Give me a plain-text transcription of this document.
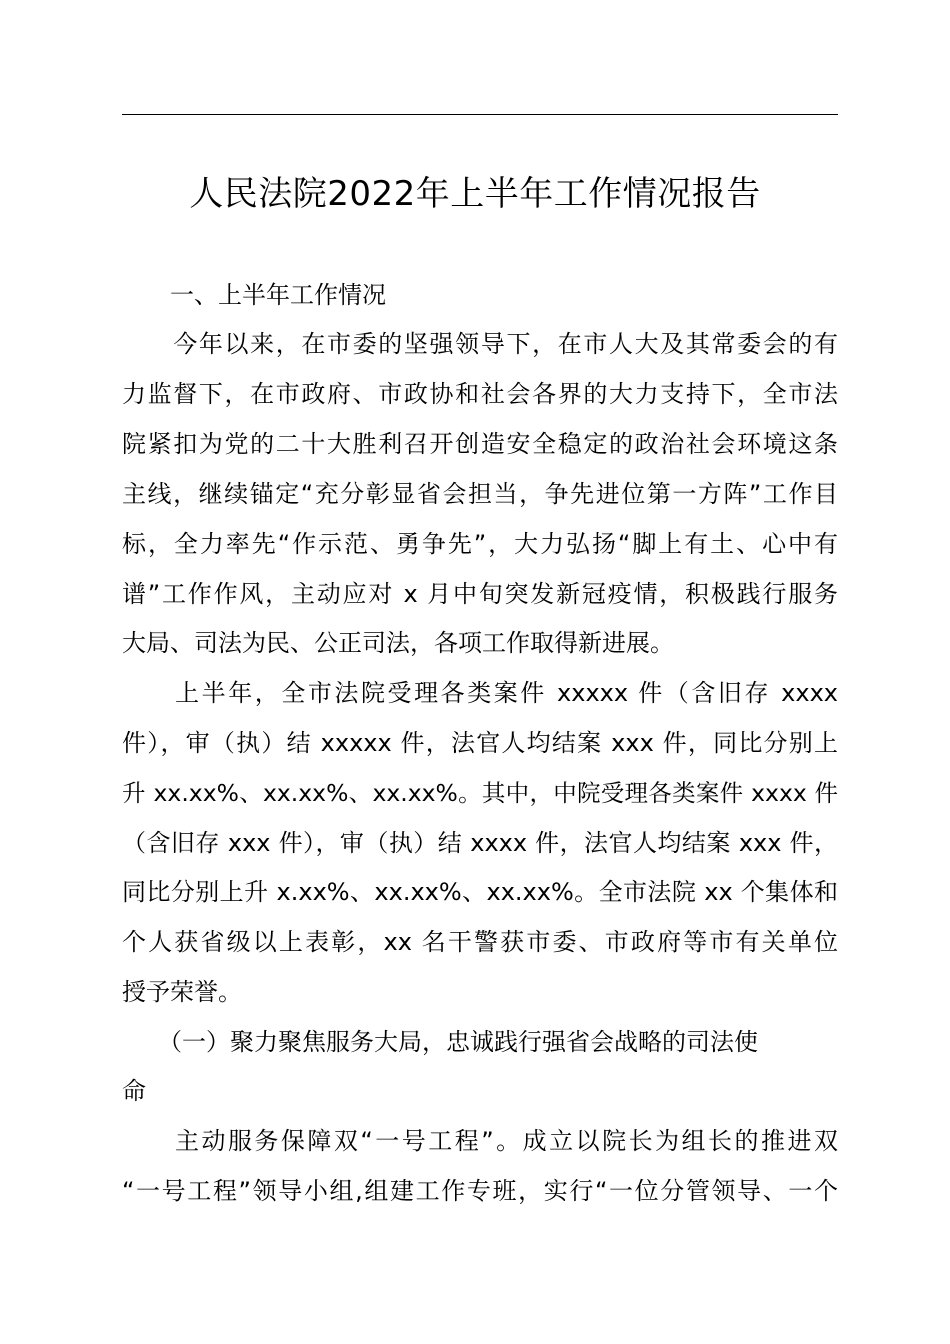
人民法院2022年上半年工作情况报告
　　一、上半年工作情况
　　今年以来，在市委的坚强领导下，在市人大及其常委会的有
力监督下，在市政府、市政协和社会各界的大力支持下，全市法
院紧扣为党的二十大胜利召开创造安全稳定的政治社会环境这条
主线，继续锚定“充分彰显省会担当，争先进位第一方阵”工作目
标，全力率先“作示范、勇争先”，大力弘扬“脚上有土、心中有
谱”工作作风，主动应对 x 月中旬突发新冠疫情，积极践行服务
大局、司法为民、公正司法，各项工作取得新进展。
　　上半年，全市法院受理各类案件 xxxxx 件（含旧存 xxxx
件），审（执）结 xxxxx 件，法官人均结案 xxx 件，同比分别上
升 xx.xx%、xx.xx%、xx.xx%。其中，中院受理各类案件 xxxx 件
（含旧存 xxx 件），审（执）结 xxxx 件，法官人均结案 xxx 件，
同比分别上升 x.xx%、xx.xx%、xx.xx%。全市法院 xx 个集体和
个人获省级以上表彰，xx 名干警获市委、市政府等市有关单位
授予荣誉。
　　（一）聚力聚焦服务大局，忠诚践行强省会战略的司法使
命
　　主动服务保障双“一号工程”。成立以院长为组长的推进双
“一号工程”领导小组,组建工作专班，实行“一位分管领导、一个
